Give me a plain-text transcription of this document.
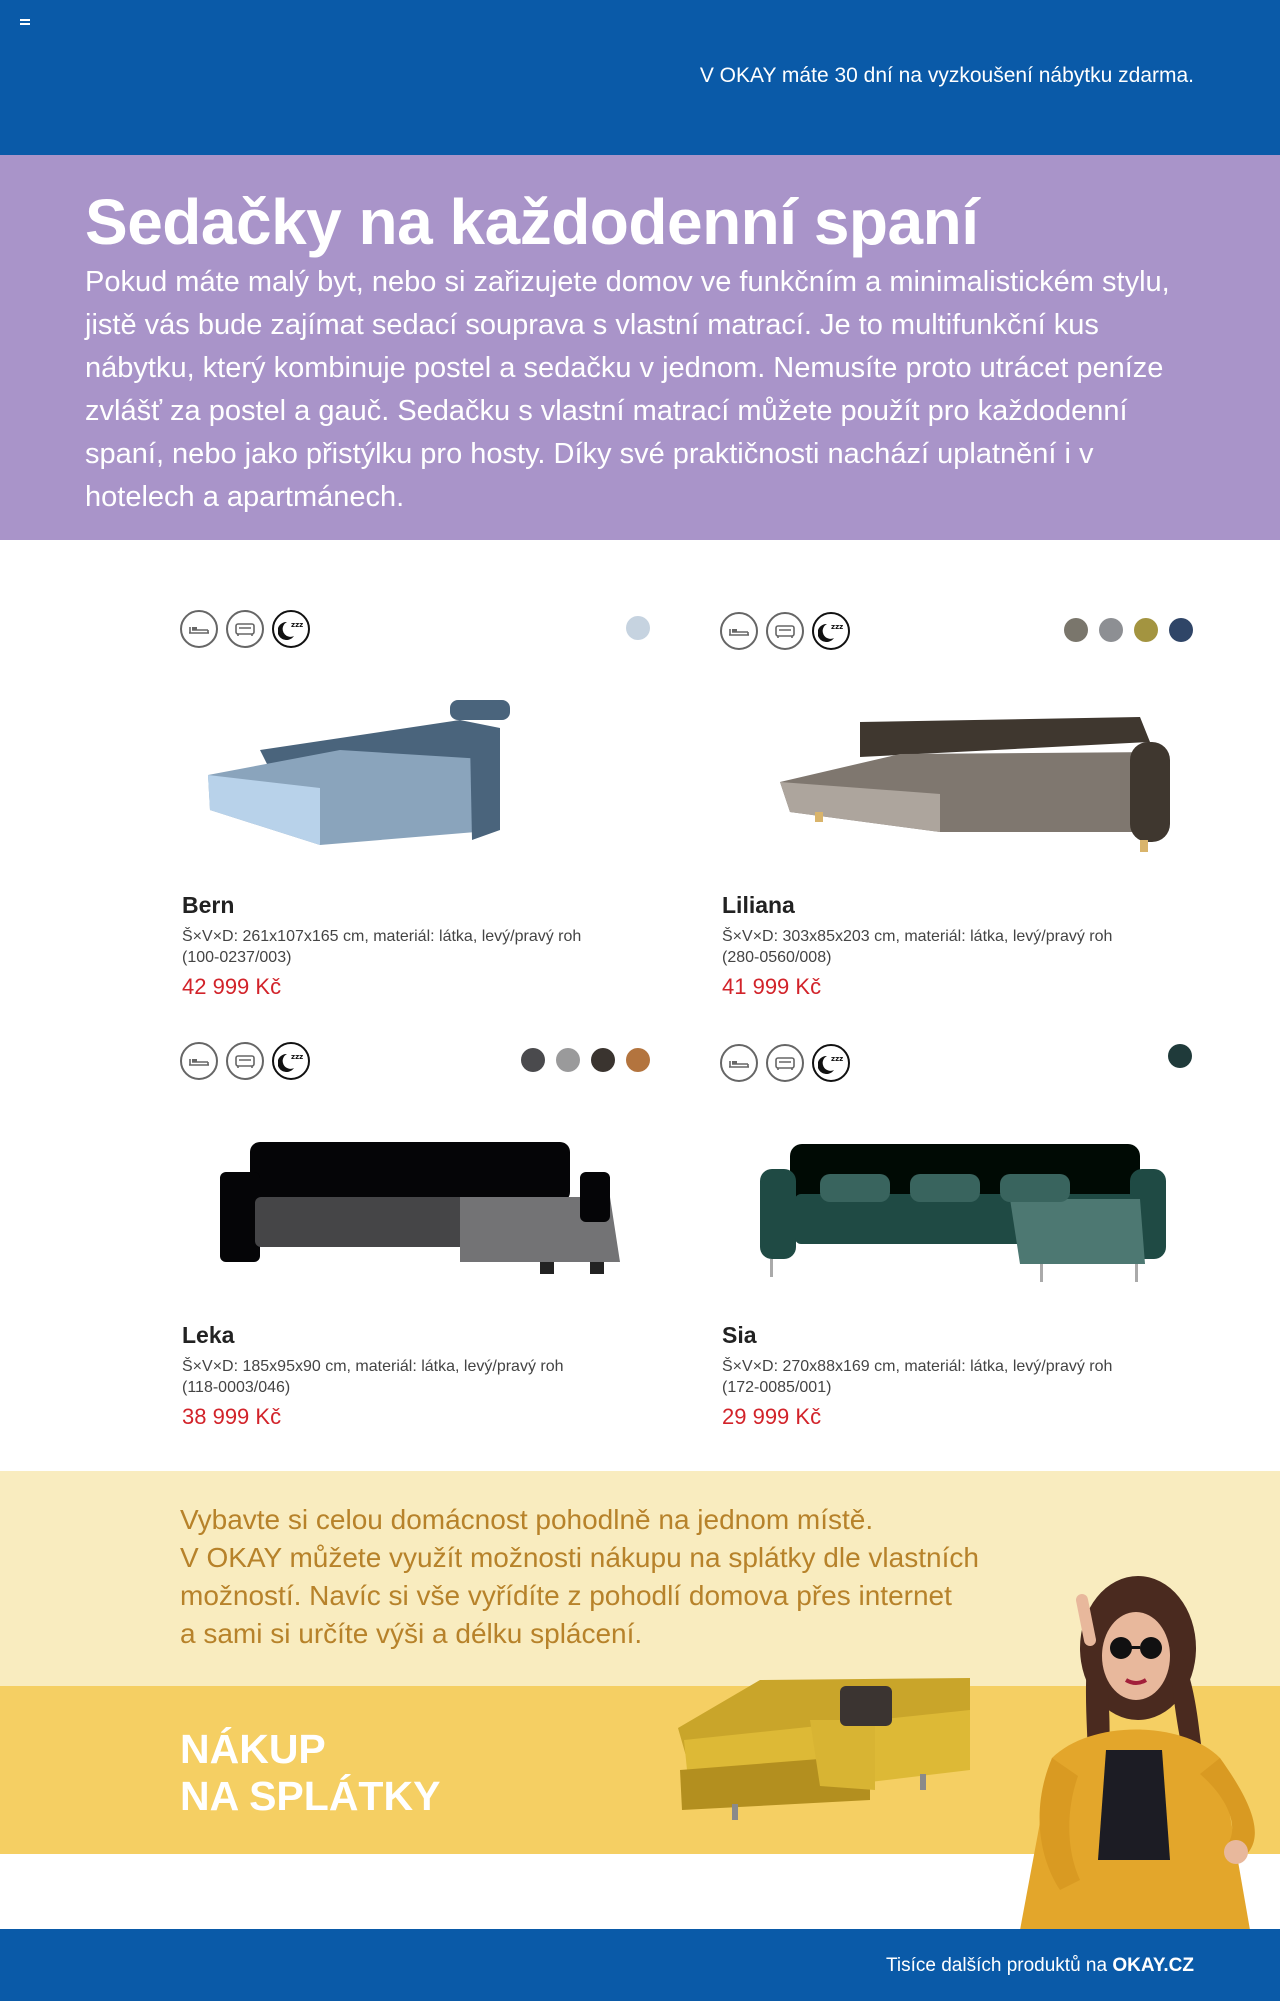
V OKAY máte 30 dní na vyzkoušení nábytku zdarma.
Sedačky na každodenní spaní

Pokud máte malý byt, nebo si zařizujete domov ve funkčním a minimalistickém stylu, jistě vás bude zajímat sedací souprava s vlastní matrací. Je to multifunkční kus nábytku, který kombinuje postel a sedačku v jednom. Nemusíte proto utrácet peníze zvlášť za postel a gauč. Sedačku s vlastní matrací můžete použít pro každodenní spaní, nebo jako přistýlku pro hosty. Díky své praktičnosti nachází uplatnění i v hotelech a apartmánech.

zzz
Bern
Š×V×D: 261x107x165 cm, materiál: látka, levý/pravý roh
(100-0237/003)
42 999 Kč
zzz
Liliana
Š×V×D: 303x85x203 cm, materiál: látka, levý/pravý roh
(280-0560/008)
41 999 Kč
zzz
Leka
Š×V×D: 185x95x90 cm, materiál: látka, levý/pravý roh
(118-0003/046)
38 999 Kč
zzz
Sia
Š×V×D: 270x88x169 cm, materiál: látka, levý/pravý roh
(172-0085/001)
29 999 Kč
Vybavte si celou domácnost pohodlně na jednom místě.
V OKAY můžete využít možnosti nákupu na splátky dle vlastních
možností. Navíc si vše vyřídíte z pohodlí domova přes internet
a sami si určíte výši a délku splácení.
NÁKUP
NA SPLÁTKY
Tisíce dalších produktů na OKAY.CZ
